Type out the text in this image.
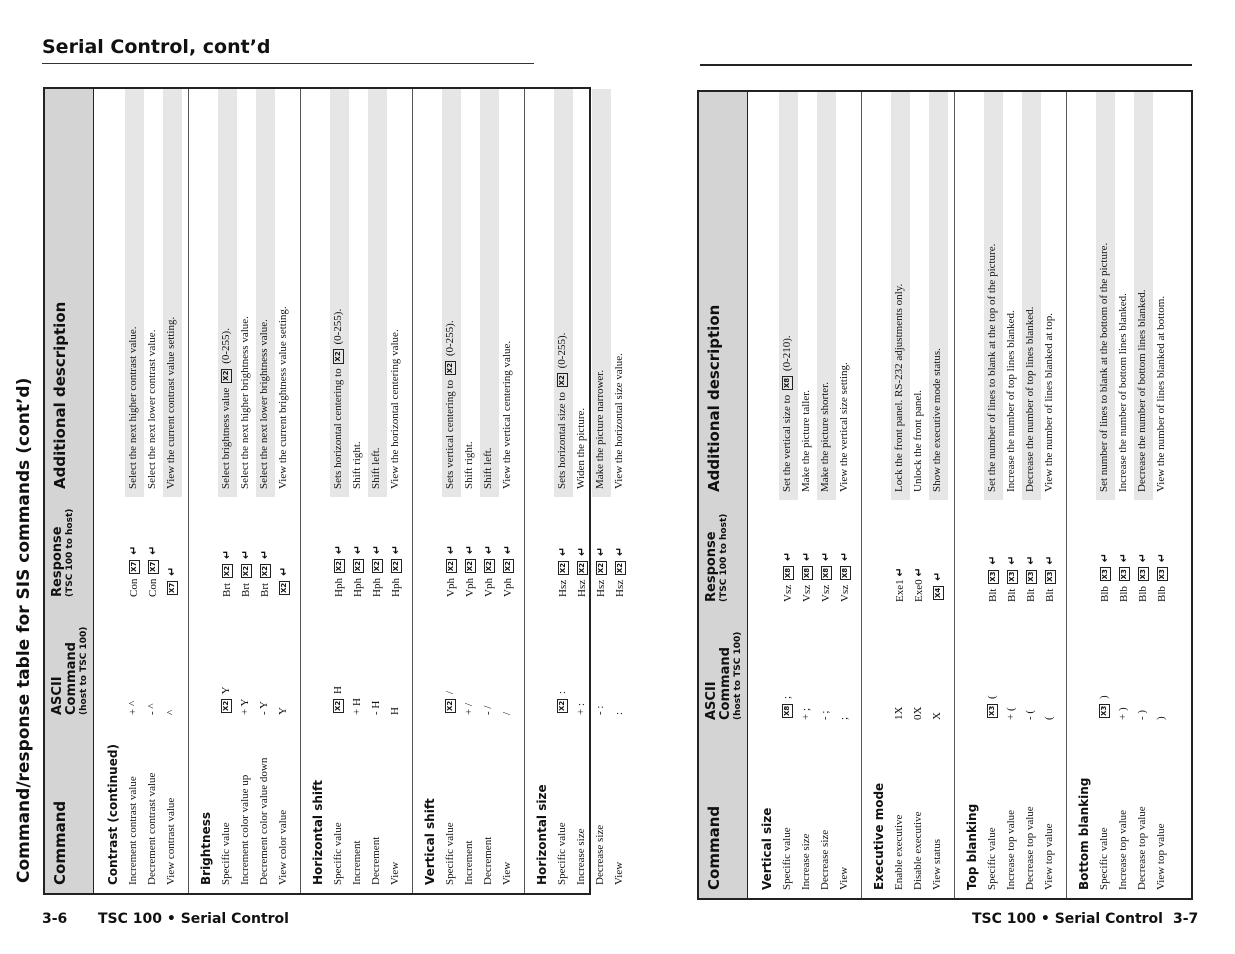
Serial Control, cont’d
Command/response table for SIS commands (cont’d) Command	ASCII Command (host to TSC 100)	Response (TSC 100 to host)	Additional description
Contrast (continued)			
Increment contrast value	+ ^	Con X7 ↵	Select the next higher contrast value.
Decrement contrast value	- ^	Con X7 ↵	Select the next lower contrast value.
View contrast value	^	X7 ↵	View the current contrast value setting.

Brightness			
Specific value	X2 Y	Brt X2 ↵	Select brightness value X2 (0-255).
Increment color value up	+ Y	Brt X2 ↵	Select the next higher brightness value.
Decrement color value down	- Y	Brt X2 ↵	Select the next lower brightness value.
View color value	Y	X2 ↵	View the current brightness value setting.

Horizontal shift			
Specific value	X2 H	Hph X2 ↵	Sets horizontal centering to X2 (0-255).
Increment	+ H	Hph X2 ↵	Shift right.
Decrement	- H	Hph X2 ↵	Shift left.
View	H	Hph X2 ↵	View the horizontal centering value.

Vertical shift			
Specific value	X2 /	Vph X2 ↵	Sets vertical centering to X2 (0-255).
Increment	+ /	Vph X2 ↵	Shift right.
Decrement	- /	Vph X2 ↵	Shift left.
View	/	Vph X2 ↵	View the vertical centering value.

Horizontal size			
Specific value	X2 :	Hsz X2 ↵	Sets horizontal size to X2 (0-255).
Increase size	+ :	Hsz X2 ↵	Widen the picture.
Decrease size	- :	Hsz X2 ↵	Make the picture narrower.
View	:	Hsz X2 ↵	View the horizontal size value.

Command	ASCII Command (host to TSC 100)	Response (TSC 100 to host)	Additional description
Vertical size			
Specific value	X8 ;	Vsz X8 ↵	Set the vertical size to X8 (0-210).
Increase size	+ ;	Vsz X8 ↵	Make the picture taller.
Decrease size	- ;	Vsz X8 ↵	Make the picture shorter.
View	;	Vsz X8 ↵	View the vertical size setting.

Executive mode			
Enable executive	1X	Exe1 ↵	Lock the front panel. RS-232 adjustments only.
Disable executive	0X	Exe0 ↵	Unlock the front panel.
View status	X	X4 ↵	Show the executive mode status.

Top blanking			
Specific value	X3 (	Blt X3 ↵	Set the number of lines to blank at the top of the picture.
Increase top value	+ (	Blt X3 ↵	Increase the number of top lines blanked.
Decrease top value	- (	Blt X3 ↵	Decrease the number of top lines blanked.
View top value	(	Blt X3 ↵	View the number of lines blanked at top.

Bottom blanking			
Specific value	X3 )	Blb X3 ↵	Set number of lines to blank at the bottom of the picture.
Increase top value	+ )	Blb X3 ↵	Increase the number of bottom lines blanked.
Decrease top value	- )	Blb X3 ↵	Decrease the number of bottom lines blanked.
View top value	)	Blb X3 ↵	View the number of lines blanked at bottom.

3-6 TSC 100 • Serial Control	TSC 100 • Serial Control 3-7
